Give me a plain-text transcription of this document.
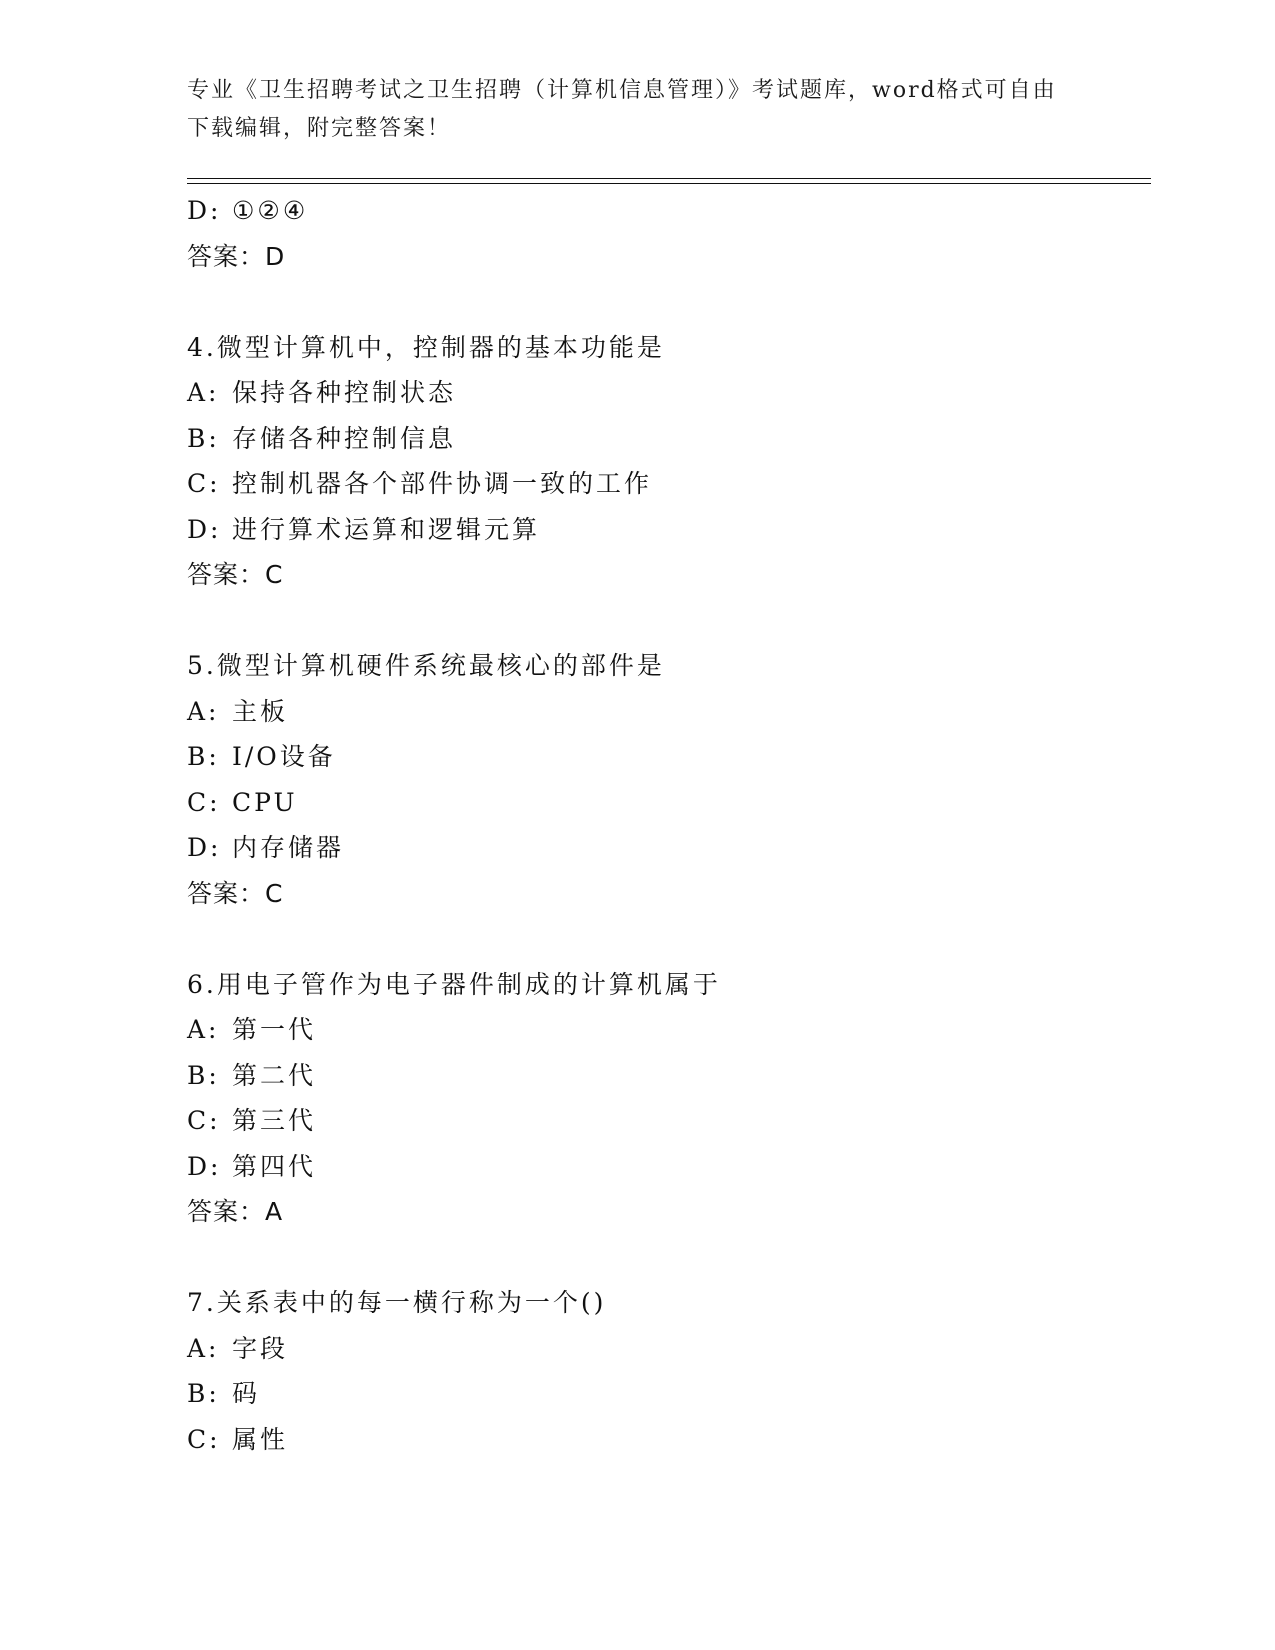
专业《卫生招聘考试之卫生招聘（计算机信息管理）》考试题库，word格式可自由下载编辑，附完整答案！
D: ①②④
答案：D
4.微型计算机中，控制器的基本功能是
A: 保持各种控制状态
B: 存储各种控制信息
C: 控制机器各个部件协调一致的工作
D: 进行算术运算和逻辑元算
答案：C
5.微型计算机硬件系统最核心的部件是
A: 主板
B: I/O设备
C: CPU
D: 内存储器
答案：C
6.用电子管作为电子器件制成的计算机属于
A: 第一代
B: 第二代
C: 第三代
D: 第四代
答案：A
7.关系表中的每一横行称为一个()
A: 字段
B: 码
C: 属性
